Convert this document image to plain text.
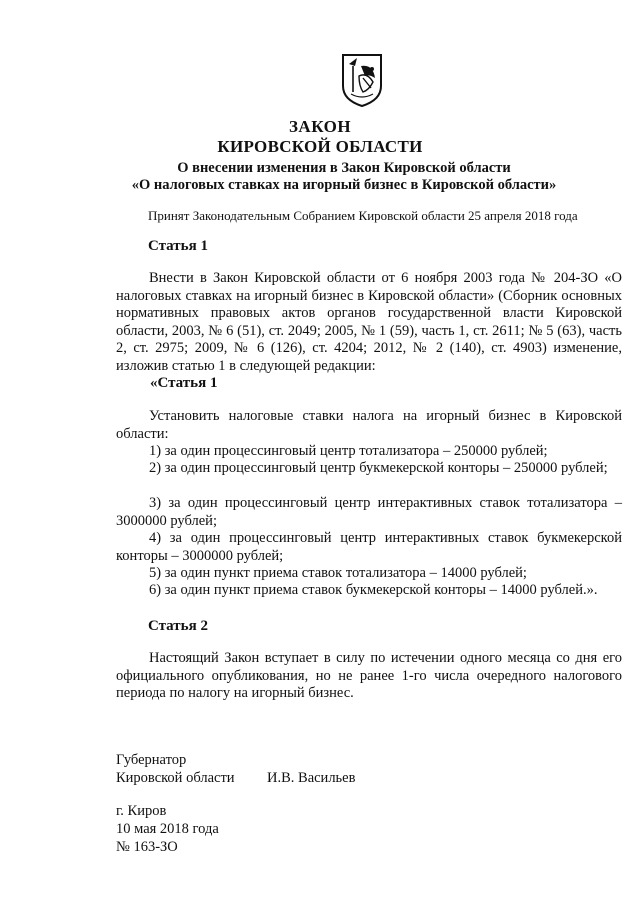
ЗАКОН
КИРОВСКОЙ ОБЛАСТИ
О внесении изменения в Закон Кировской области
«О налоговых ставках на игорный бизнес в Кировской области»
Принят Законодательным Собранием Кировской области 25 апреля 2018 года
Статья 1

Внести в Закон Кировской области от 6 ноября 2003 года № 204-ЗО «О налоговых ставках на игорный бизнес в Кировской области» (Сборник основных нормативных правовых актов органов государственной власти Кировской области, 2003, № 6 (51), ст. 2049; 2005, № 1 (59), часть 1, ст. 2611; № 5 (63), часть 2, ст. 2975; 2009, № 6 (126), ст. 4204; 2012, № 2 (140), ст. 4903) изменение, изложив статью 1 в следующей редакции:

«Статья 1

Установить налоговые ставки налога на игорный бизнес в Кировской области:

1) за один процессинговый центр тотализатора – 250000 рублей;

2) за один процессинговый центр букмекерской конторы – 250000 рублей;

3) за один процессинговый центр интерактивных ставок тотализатора – 3000000 рублей;

4) за один процессинговый центр интерактивных ставок букмекерской конторы – 3000000 рублей;

5) за один пункт приема ставок тотализатора – 14000 рублей;

6) за один пункт приема ставок букмекерской конторы – 14000 рублей.».

Статья 2

Настоящий Закон вступает в силу по истечении одного месяца со дня его официального опубликования, но не ранее 1-го числа очередного налогового периода по налогу на игорный бизнес.

Губернатор
Кировской области И.В. Васильев
г. Киров
10 мая 2018 года
№ 163-ЗО
